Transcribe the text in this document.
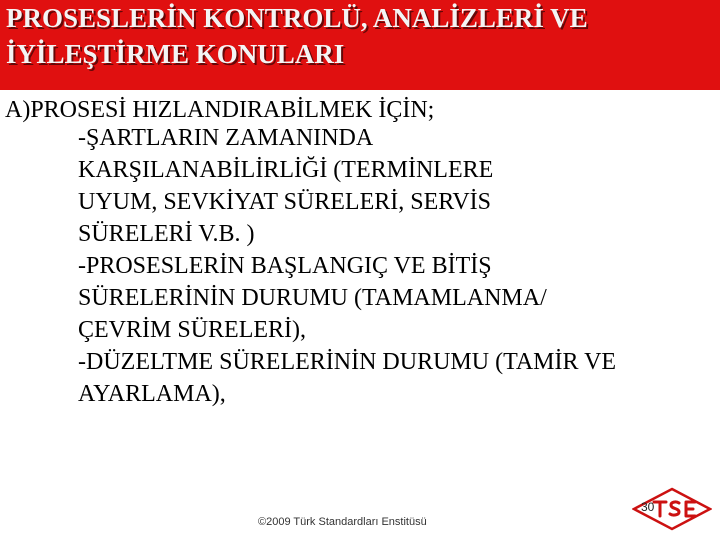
PROSESLERİN KONTROLÜ, ANALİZLERİ VE
İYİLEŞTİRME KONULARI
A)PROSESİ HIZLANDIRABİLMEK İÇİN;
-ŞARTLARIN ZAMANINDA
KARŞILANABİLİRLİĞİ (TERMİNLERE
UYUM, SEVKİYAT SÜRELERİ, SERVİS
SÜRELERİ V.B. )
-PROSESLERİN BAŞLANGIÇ VE BİTİŞ
SÜRELERİNİN DURUMU (TAMAMLANMA/
ÇEVRİM SÜRELERİ),
-DÜZELTME SÜRELERİNİN DURUMU (TAMİR VE
AYARLAMA),
©2009 Türk Standardları Enstitüsü
30
